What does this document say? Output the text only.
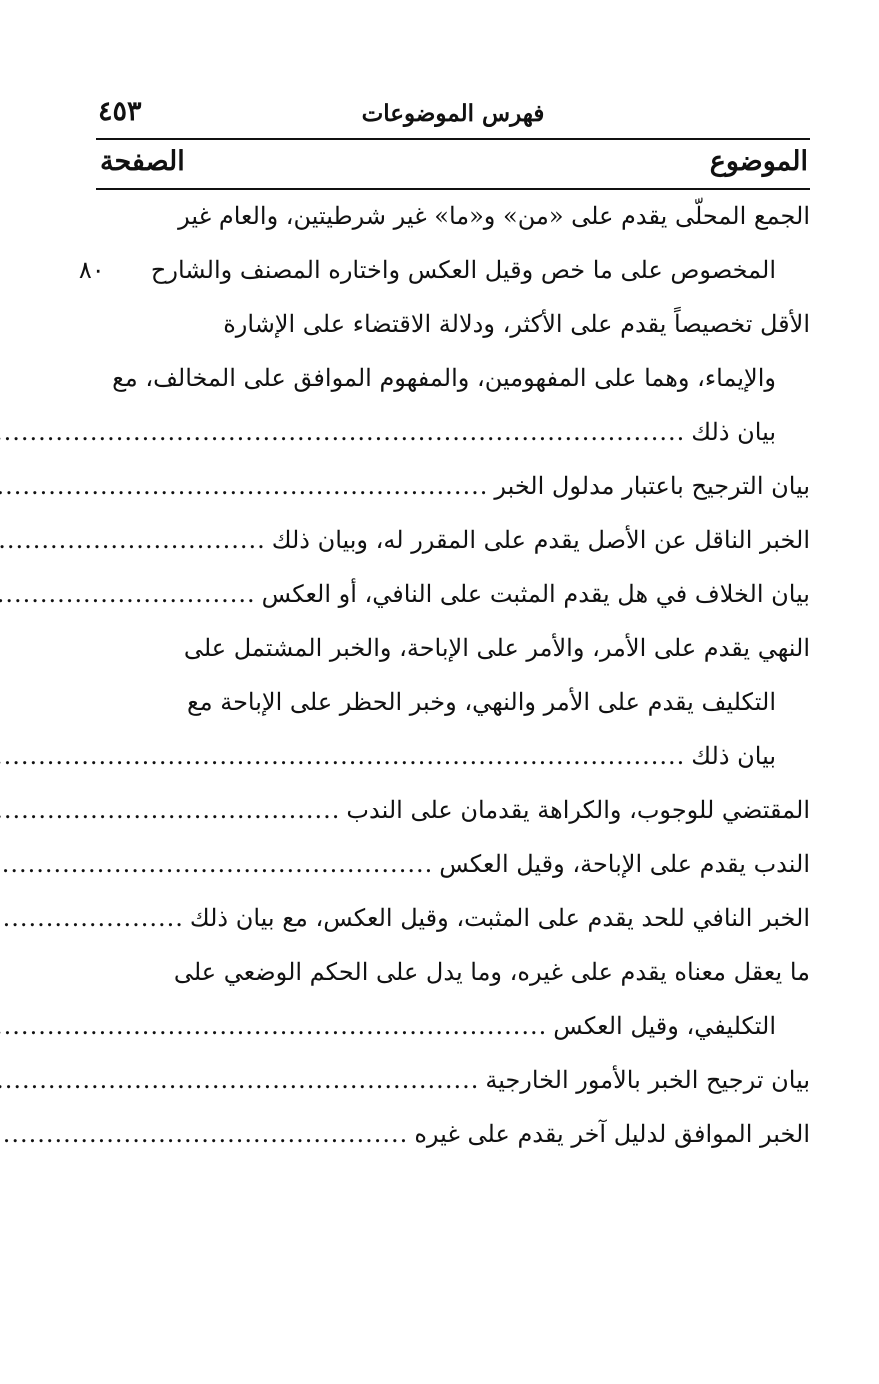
فهرس الموضوعات
٤٥٣
الموضوع
الصفحة
الجمع المحلّى يقدم على «من» و«ما» غير شرطيتين، والعام غير
المخصوص على ما خص وقيل العكس واختاره المصنف والشارح
٨٠
الأقل تخصيصاً يقدم على الأكثر، ودلالة الاقتضاء على الإشارة
والإيماء، وهما على المفهومين، والمفهوم الموافق على المخالف، مع
بيان ذلك
.....
بيان الترجيح باعتبار مدلول الخبر
.....
الخبر الناقل عن الأصل يقدم على المقرر له، وبيان ذلك
.....
بيان الخلاف في هل يقدم المثبت على النافي، أو العكس
.....
النهي يقدم على الأمر، والأمر على الإباحة، والخبر المشتمل على
التكليف يقدم على الأمر والنهي، وخبر الحظر على الإباحة مع
بيان ذلك
.....
المقتضي للوجوب، والكراهة يقدمان على الندب
.....
الندب يقدم على الإباحة، وقيل العكس
.....
الخبر النافي للحد يقدم على المثبت، وقيل العكس، مع بيان ذلك
.....
ما يعقل معناه يقدم على غيره، وما يدل على الحكم الوضعي على
التكليفي، وقيل العكس
.....
بيان ترجيح الخبر بالأمور الخارجية
.....
الخبر الموافق لدليل آخر يقدم على غيره
.....
